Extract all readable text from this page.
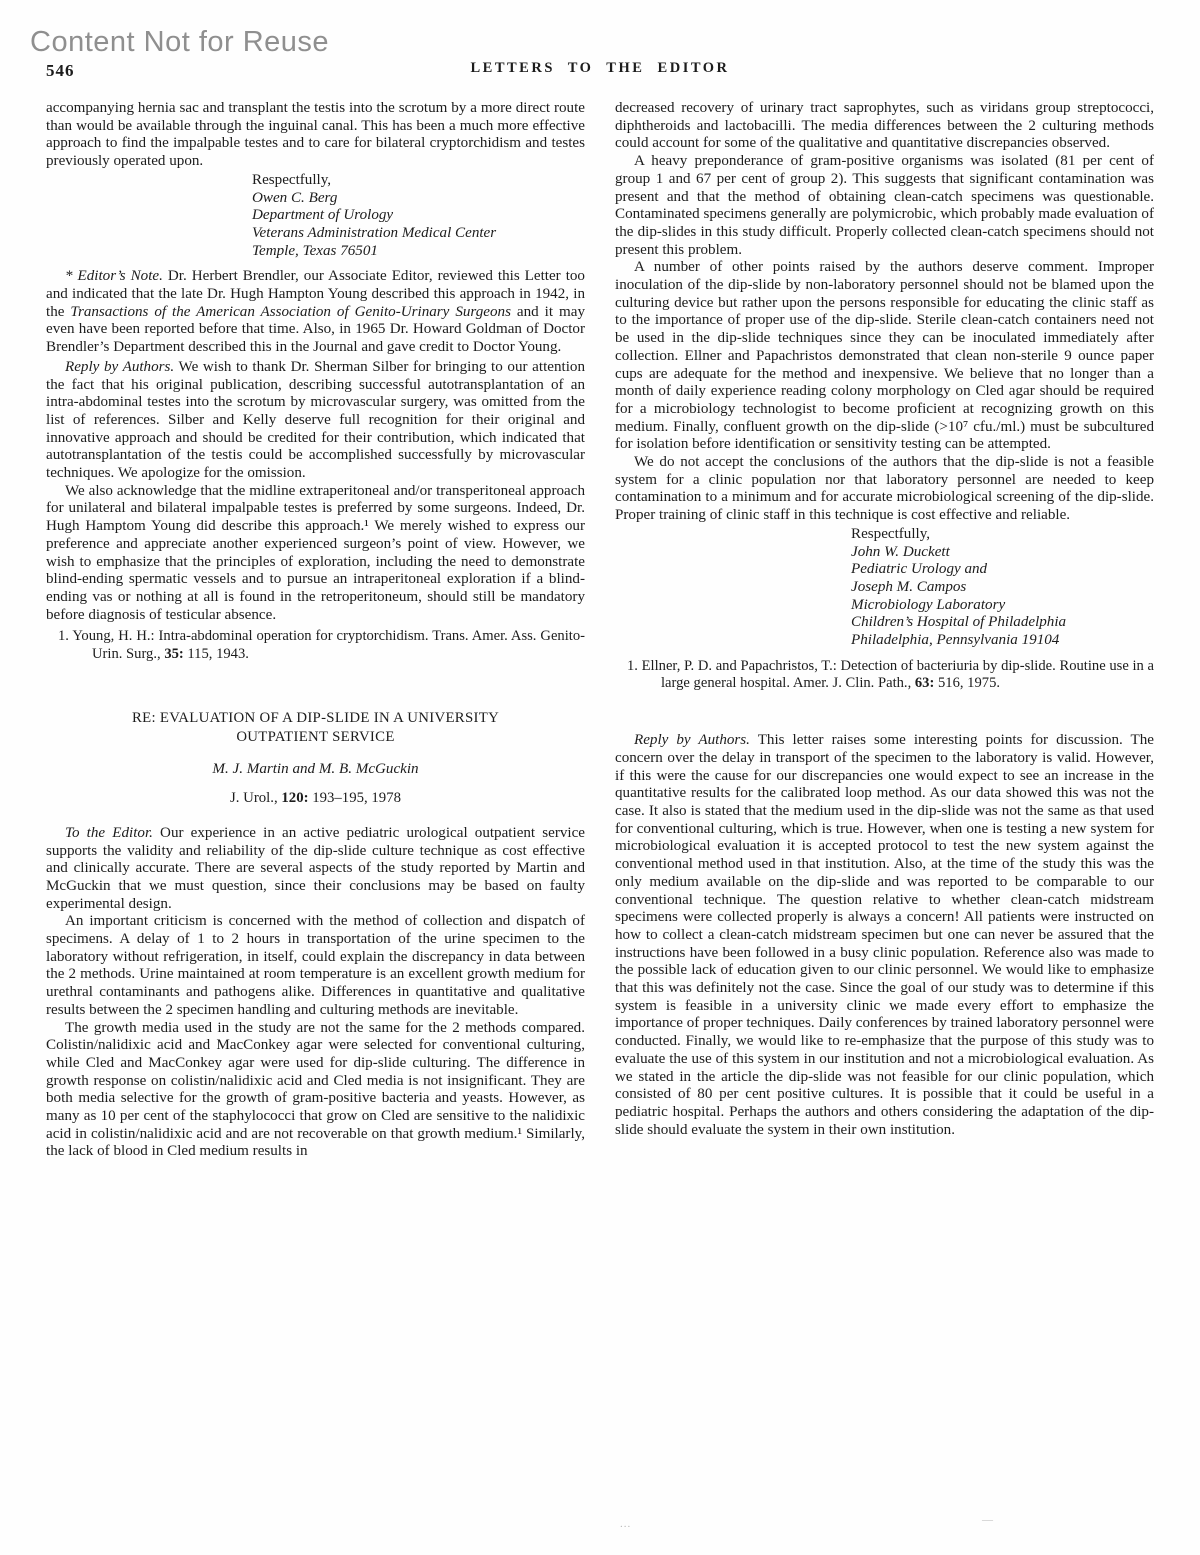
Content Not for Reuse
546	LETTERS TO THE EDITOR

accompanying hernia sac and transplant the testis into the scrotum by a more direct route than would be available through the inguinal canal. This has been a much more effective approach to find the impalpable testes and to care for bilateral cryptorchidism and testes previously operated upon.

Respectfully,
Owen C. Berg
Department of Urology
Veterans Administration Medical Center
Temple, Texas 76501

* Editor’s Note. Dr. Herbert Brendler, our Associate Editor, reviewed this Letter too and indicated that the late Dr. Hugh Hampton Young described this approach in 1942, in the Transactions of the American Association of Genito-Urinary Surgeons and it may even have been reported before that time. Also, in 1965 Dr. Howard Goldman of Doctor Brendler’s Department described this in the Journal and gave credit to Doctor Young.

Reply by Authors. We wish to thank Dr. Sherman Silber for bringing to our attention the fact that his original publication, describing successful autotransplantation of an intra-abdominal testes into the scrotum by microvascular surgery, was omitted from the list of references. Silber and Kelly deserve full recognition for their original and innovative approach and should be credited for their contribution, which indicated that autotransplantation of the testis could be accomplished successfully by microvascular techniques. We apologize for the omission.

We also acknowledge that the midline extraperitoneal and/or transperitoneal approach for unilateral and bilateral impalpable testes is preferred by some surgeons. Indeed, Dr. Hugh Hamptom Young did describe this approach.¹ We merely wished to express our preference and appreciate another experienced surgeon’s point of view. However, we wish to emphasize that the principles of exploration, including the need to demonstrate blind-ending spermatic vessels and to pursue an intraperitoneal exploration if a blind-ending vas or nothing at all is found in the retroperitoneum, should still be mandatory before diagnosis of testicular absence.

1. Young, H. H.: Intra-abdominal operation for cryptorchidism. Trans. Amer. Ass. Genito-Urin. Surg., 35: 115, 1943.

RE: EVALUATION OF A DIP-SLIDE IN A UNIVERSITY
OUTPATIENT SERVICE

M. J. Martin and M. B. McGuckin

J. Urol., 120: 193–195, 1978

To the Editor. Our experience in an active pediatric urological outpatient service supports the validity and reliability of the dip-slide culture technique as cost effective and clinically accurate. There are several aspects of the study reported by Martin and McGuckin that we must question, since their conclusions may be based on faulty experimental design.

An important criticism is concerned with the method of collection and dispatch of specimens. A delay of 1 to 2 hours in transportation of the urine specimen to the laboratory without refrigeration, in itself, could explain the discrepancy in data between the 2 methods. Urine maintained at room temperature is an excellent growth medium for urethral contaminants and pathogens alike. Differences in quantitative and qualitative results between the 2 specimen handling and culturing methods are inevitable.

The growth media used in the study are not the same for the 2 methods compared. Colistin/nalidixic acid and MacConkey agar were selected for conventional culturing, while Cled and MacConkey agar were used for dip-slide culturing. The difference in growth response on colistin/nalidixic acid and Cled media is not insignificant. They are both media selective for the growth of gram-positive bacteria and yeasts. However, as many as 10 per cent of the staphylococci that grow on Cled are sensitive to the nalidixic acid in colistin/nalidixic acid and are not recoverable on that growth medium.¹ Similarly, the lack of blood in Cled medium results in

decreased recovery of urinary tract saprophytes, such as viridans group streptococci, diphtheroids and lactobacilli. The media differences between the 2 culturing methods could account for some of the qualitative and quantitative discrepancies observed.

A heavy preponderance of gram-positive organisms was isolated (81 per cent of group 1 and 67 per cent of group 2). This suggests that significant contamination was present and that the method of obtaining clean-catch specimens was questionable. Contaminated specimens generally are polymicrobic, which probably made evaluation of the dip-slides in this study difficult. Properly collected clean-catch specimens should not present this problem.

A number of other points raised by the authors deserve comment. Improper inoculation of the dip-slide by non-laboratory personnel should not be blamed upon the culturing device but rather upon the persons responsible for educating the clinic staff as to the importance of proper use of the dip-slide. Sterile clean-catch containers need not be used in the dip-slide techniques since they can be inoculated immediately after collection. Ellner and Papachristos demonstrated that clean non-sterile 9 ounce paper cups are adequate for the method and inexpensive. We believe that no longer than a month of daily experience reading colony morphology on Cled agar should be required for a microbiology technologist to become proficient at recognizing growth on this medium. Finally, confluent growth on the dip-slide (>10⁷ cfu./ml.) must be subcultured for isolation before identification or sensitivity testing can be attempted.

We do not accept the conclusions of the authors that the dip-slide is not a feasible system for a clinic population nor that laboratory personnel are needed to keep contamination to a minimum and for accurate microbiological screening of the dip-slide. Proper training of clinic staff in this technique is cost effective and reliable.

Respectfully,
John W. Duckett
Pediatric Urology and
Joseph M. Campos
Microbiology Laboratory
Children’s Hospital of Philadelphia
Philadelphia, Pennsylvania 19104

1. Ellner, P. D. and Papachristos, T.: Detection of bacteriuria by dip-slide. Routine use in a large general hospital. Amer. J. Clin. Path., 63: 516, 1975.

Reply by Authors. This letter raises some interesting points for discussion. The concern over the delay in transport of the specimen to the laboratory is valid. However, if this were the cause for our discrepancies one would expect to see an increase in the quantitative results for the calibrated loop method. As our data showed this was not the case. It also is stated that the medium used in the dip-slide was not the same as that used for conventional culturing, which is true. However, when one is testing a new system for microbiological evaluation it is accepted protocol to test the new system against the conventional method used in that institution. Also, at the time of the study this was the only medium available on the dip-slide and was reported to be comparable to our conventional technique. The question relative to whether clean-catch midstream specimens were collected properly is always a concern! All patients were instructed on how to collect a clean-catch midstream specimen but one can never be assured that the instructions have been followed in a busy clinic population. Reference also was made to the possible lack of education given to our clinic personnel. We would like to emphasize that this was definitely not the case. Since the goal of our study was to determine if this system is feasible in a university clinic we made every effort to emphasize the importance of proper techniques. Daily conferences by trained laboratory personnel were conducted. Finally, we would like to re-emphasize that the purpose of this study was to evaluate the use of this system in our institution and not a microbiological evaluation. As we stated in the article the dip-slide was not feasible for our clinic population, which consisted of 80 per cent positive cultures. It is possible that it could be useful in a pediatric hospital. Perhaps the authors and others considering the adaptation of the dip-slide should evaluate the system in their own institution.

...	—
